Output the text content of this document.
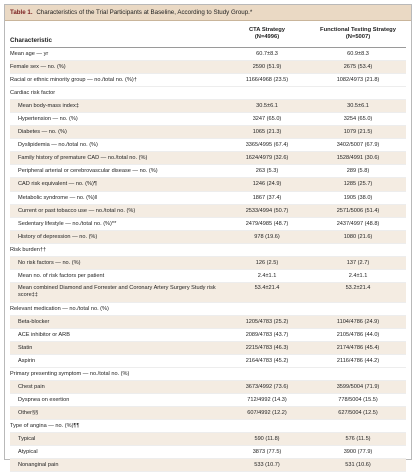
Table 1. Characteristics of the Trial Participants at Baseline, According to Study Group.*
Characteristic
CTA Strategy
(N=4996)
Functional Testing Strategy
(N=5007)
Mean age — yr	60.7±8.3	60.9±8.3
Female sex — no. (%)	2590 (51.9)	2675 (53.4)
Racial or ethnic minority group — no./total no. (%)†	1166/4968 (23.5)	1082/4973 (21.8)
Cardiac risk factor
Mean body-mass index‡	30.5±6.1	30.5±6.1
Hypertension — no. (%)	3247 (65.0)	3254 (65.0)
Diabetes — no. (%)	1065 (21.3)	1079 (21.5)
Dyslipidemia — no./total no. (%)	3365/4995 (67.4)	3402/5007 (67.9)
Family history of premature CAD — no./total no. (%)	1624/4979 (32.6)	1528/4991 (30.6)
Peripheral arterial or cerebrovascular disease — no. (%)	263 (5.3)	289 (5.8)
CAD risk equivalent — no. (%)¶	1246 (24.9)	1285 (25.7)
Metabolic syndrome — no. (%)‖	1867 (37.4)	1905 (38.0)
Current or past tobacco use — no./total no. (%)	2533/4994 (50.7)	2571/5006 (51.4)
Sedentary lifestyle — no./total no. (%)**	2479/4985 (48.7)	2437/4997 (48.8)
History of depression — no. (%)	978 (19.6)	1080 (21.6)
Risk burden††
No risk factors — no. (%)	126 (2.5)	137 (2.7)
Mean no. of risk factors per patient	2.4±1.1	2.4±1.1
Mean combined Diamond and Forrester and Coronary Artery Surgery Study risk score‡‡
53.4±21.4	53.2±21.4
Relevant medication — no./total no. (%)
Beta-blocker	1205/4783 (25.2)	1104/4786 (24.9)
ACE inhibitor or ARB	2089/4783 (43.7)	2105/4786 (44.0)
Statin	2215/4783 (46.3)	2174/4786 (45.4)
Aspirin	2164/4783 (45.2)	2116/4786 (44.2)
Primary presenting symptom — no./total no. (%)
Chest pain	3673/4992 (73.6)	3599/5004 (71.9)
Dyspnea on exertion	712/4992 (14.3)	778/5004 (15.5)
Other§§	607/4992 (12.2)	627/5004 (12.5)
Type of angina — no. (%)¶¶
Typical	590 (11.8)	576 (11.5)
Atypical	3873 (77.5)	3900 (77.9)
Nonanginal pain	533 (10.7)	531 (10.6)
